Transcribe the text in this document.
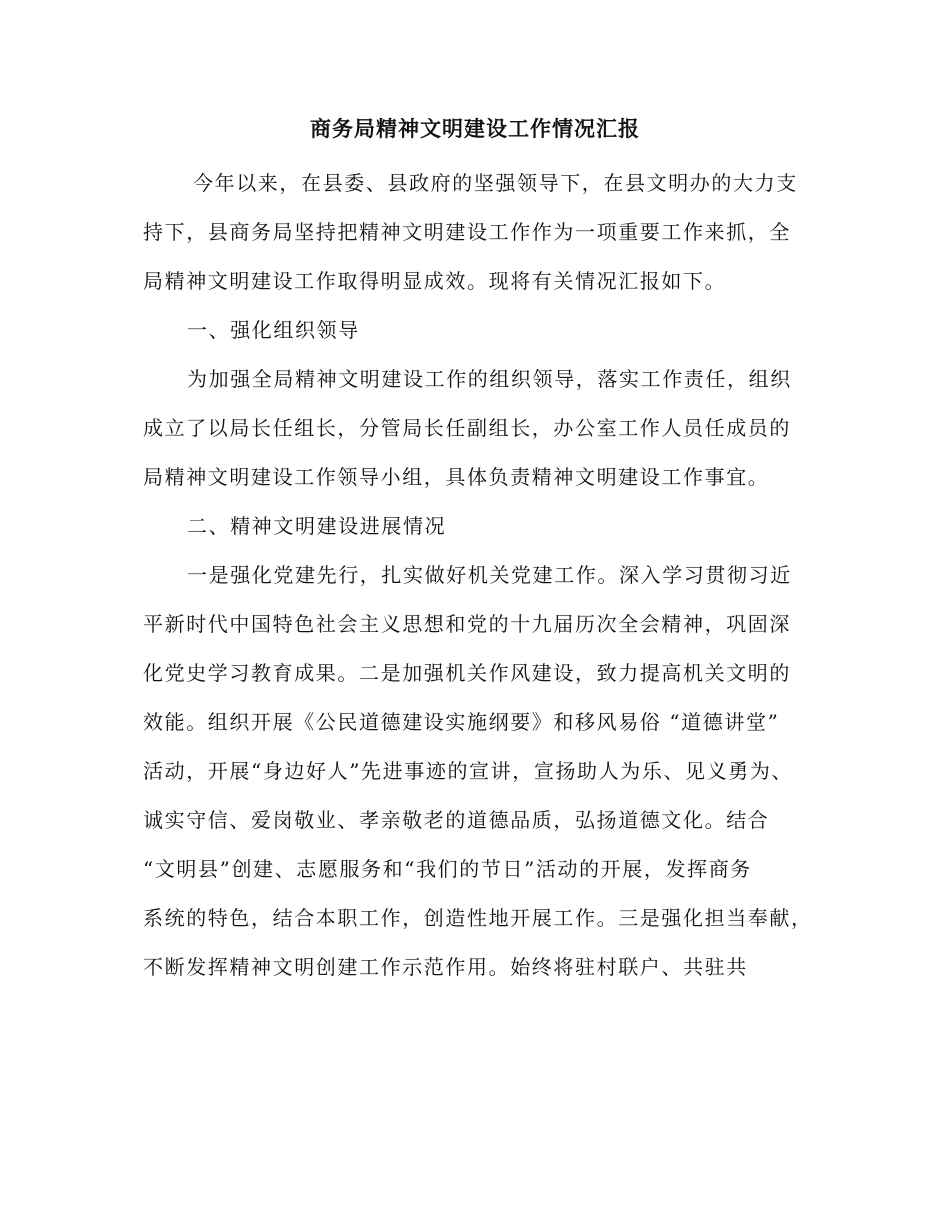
商务局精神文明建设工作情况汇报
今年以来，在县委、县政府的坚强领导下，在县文明办的大力支
持下，县商务局坚持把精神文明建设工作作为一项重要工作来抓，全
局精神文明建设工作取得明显成效。现将有关情况汇报如下。
一、强化组织领导
为加强全局精神文明建设工作的组织领导，落实工作责任，组织
成立了以局长任组长，分管局长任副组长，办公室工作人员任成员的
局精神文明建设工作领导小组，具体负责精神文明建设工作事宜。
二、精神文明建设进展情况
一是强化党建先行，扎实做好机关党建工作。深入学习贯彻习近
平新时代中国特色社会主义思想和党的十九届历次全会精神，巩固深
化党史学习教育成果。二是加强机关作风建设，致力提高机关文明的
效能。组织开展《公民道德建设实施纲要》和移风易俗 “道德讲堂”
活动，开展“身边好人”先进事迹的宣讲，宣扬助人为乐、见义勇为、
诚实守信、爱岗敬业、孝亲敬老的道德品质，弘扬道德文化。结合
“文明县”创建、志愿服务和“我们的节日”活动的开展，发挥商务
系统的特色，结合本职工作，创造性地开展工作。三是强化担当奉献，
不断发挥精神文明创建工作示范作用。始终将驻村联户、共驻共
